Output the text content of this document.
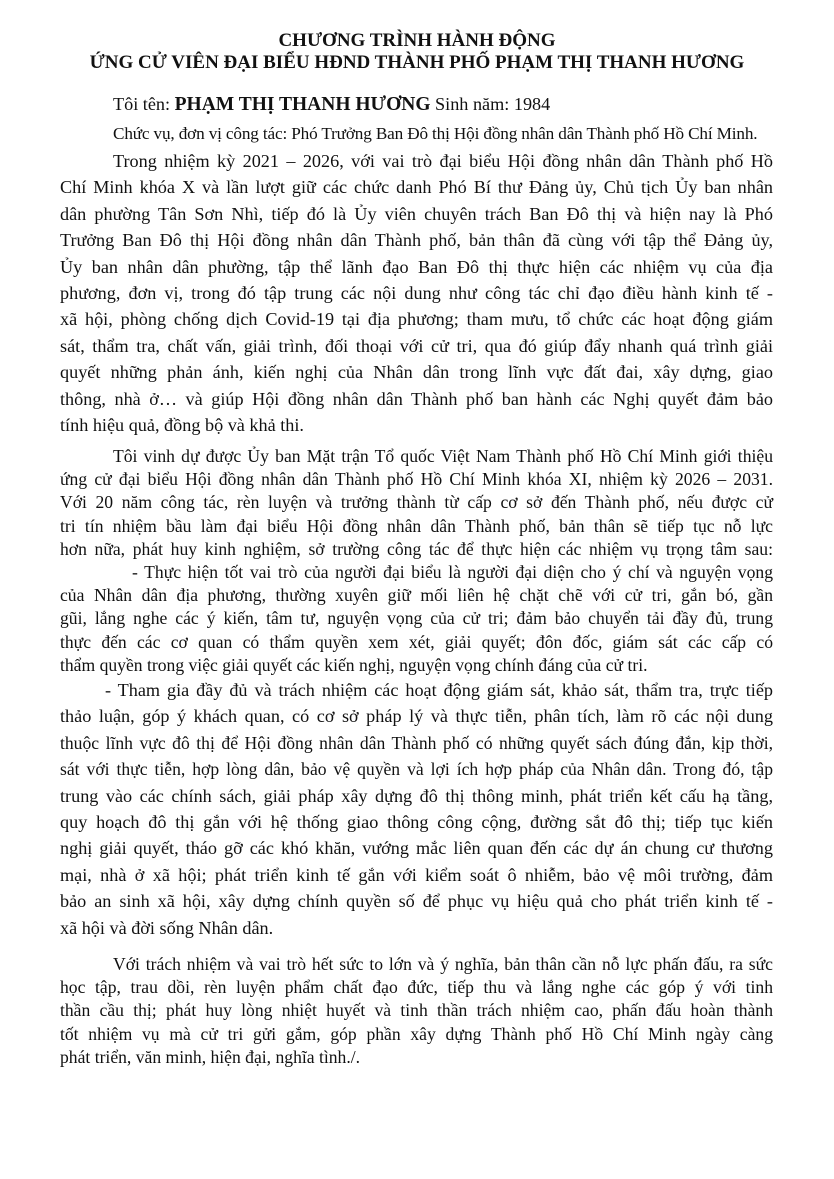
CHƯƠNG TRÌNH HÀNH ĐỘNG
ỨNG CỬ VIÊN ĐẠI BIỂU HĐND THÀNH PHỐ PHẠM THỊ THANH HƯƠNG
Tôi tên: PHẠM THỊ THANH HƯƠNG Sinh năm: 1984
Chức vụ, đơn vị công tác: Phó Trưởng Ban Đô thị Hội đồng nhân dân Thành phố Hồ Chí Minh.
Trong nhiệm kỳ 2021 – 2026, với vai trò đại biểu Hội đồng nhân dân Thành phố Hồ
Chí Minh khóa X và lần lượt giữ các chức danh Phó Bí thư Đảng ủy, Chủ tịch Ủy ban nhân
dân phường Tân Sơn Nhì, tiếp đó là Ủy viên chuyên trách Ban Đô thị và hiện nay là Phó
Trưởng Ban Đô thị Hội đồng nhân dân Thành phố, bản thân đã cùng với tập thể Đảng ủy,
Ủy ban nhân dân phường, tập thể lãnh đạo Ban Đô thị thực hiện các nhiệm vụ của địa
phương, đơn vị, trong đó tập trung các nội dung như công tác chỉ đạo điều hành kinh tế -
xã hội, phòng chống dịch Covid-19 tại địa phương; tham mưu, tổ chức các hoạt động giám
sát, thẩm tra, chất vấn, giải trình, đối thoại với cử tri, qua đó giúp đẩy nhanh quá trình giải
quyết những phản ánh, kiến nghị của Nhân dân trong lĩnh vực đất đai, xây dựng, giao
thông, nhà ở… và giúp Hội đồng nhân dân Thành phố ban hành các Nghị quyết đảm bảo
tính hiệu quả, đồng bộ và khả thi.
Tôi vinh dự được Ủy ban Mặt trận Tổ quốc Việt Nam Thành phố Hồ Chí Minh giới thiệu
ứng cử đại biểu Hội đồng nhân dân Thành phố Hồ Chí Minh khóa XI, nhiệm kỳ 2026 – 2031.
Với 20 năm công tác, rèn luyện và trưởng thành từ cấp cơ sở đến Thành phố, nếu được cử
tri tín nhiệm bầu làm đại biểu Hội đồng nhân dân Thành phố, bản thân sẽ tiếp tục nỗ lực
hơn nữa, phát huy kinh nghiệm, sở trường công tác để thực hiện các nhiệm vụ trọng tâm sau:
- Thực hiện tốt vai trò của người đại biểu là người đại diện cho ý chí và nguyện vọng
của Nhân dân địa phương, thường xuyên giữ mối liên hệ chặt chẽ với cử tri, gắn bó, gần
gũi, lắng nghe các ý kiến, tâm tư, nguyện vọng của cử tri; đảm bảo chuyển tải đầy đủ, trung
thực đến các cơ quan có thẩm quyền xem xét, giải quyết; đôn đốc, giám sát các cấp có
thẩm quyền trong việc giải quyết các kiến nghị, nguyện vọng chính đáng của cử tri.
- Tham gia đầy đủ và trách nhiệm các hoạt động giám sát, khảo sát, thẩm tra, trực tiếp
thảo luận, góp ý khách quan, có cơ sở pháp lý và thực tiễn, phân tích, làm rõ các nội dung
thuộc lĩnh vực đô thị để Hội đồng nhân dân Thành phố có những quyết sách đúng đắn, kịp thời,
sát với thực tiễn, hợp lòng dân, bảo vệ quyền và lợi ích hợp pháp của Nhân dân. Trong đó, tập
trung vào các chính sách, giải pháp xây dựng đô thị thông minh, phát triển kết cấu hạ tầng,
quy hoạch đô thị gắn với hệ thống giao thông công cộng, đường sắt đô thị; tiếp tục kiến
nghị giải quyết, tháo gỡ các khó khăn, vướng mắc liên quan đến các dự án chung cư thương
mại, nhà ở xã hội; phát triển kinh tế gắn với kiểm soát ô nhiễm, bảo vệ môi trường, đảm
bảo an sinh xã hội, xây dựng chính quyền số để phục vụ hiệu quả cho phát triển kinh tế -
xã hội và đời sống Nhân dân.
Với trách nhiệm và vai trò hết sức to lớn và ý nghĩa, bản thân cần nỗ lực phấn đấu, ra sức
học tập, trau dồi, rèn luyện phẩm chất đạo đức, tiếp thu và lắng nghe các góp ý với tinh
thần cầu thị; phát huy lòng nhiệt huyết và tinh thần trách nhiệm cao, phấn đấu hoàn thành
tốt nhiệm vụ mà cử tri gửi gắm, góp phần xây dựng Thành phố Hồ Chí Minh ngày càng
phát triển, văn minh, hiện đại, nghĩa tình./.
